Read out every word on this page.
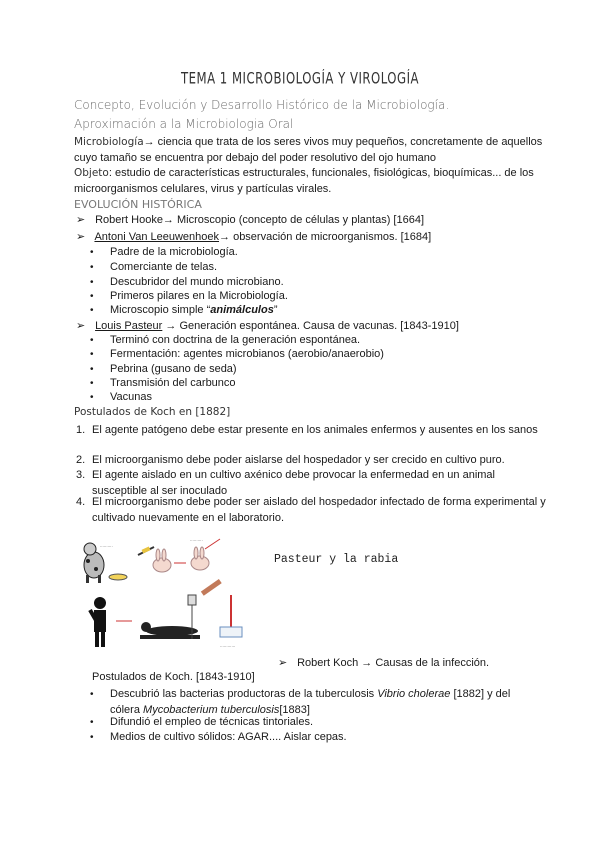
TEMA 1 MICROBIOLOGÍA Y VIROLOGÍA
Concepto, Evolución y Desarrollo Histórico de la Microbiología.
Aproximación a la Microbiologia Oral
Microbiología→ ciencia que trata de los seres vivos muy pequeños, concretamente de aquellos cuyo tamaño se encuentra por debajo del poder resolutivo del ojo humano
Objeto: estudio de características estructurales, funcionales, fisiológicas, bioquímicas... de los microorganismos celulares, virus y partículas virales.
EVOLUCIÓN HISTÓRICA
➢ Robert Hooke→ Microscopio (concepto de células y plantas) [1664]
➢ Antoni Van Leeuwenhoek→ observación de microorganismos. [1684]
• Padre de la microbiología.
• Comerciante de telas.
• Descubridor del mundo microbiano.
• Primeros pilares en la Microbiología.
• Microscopio simple “animálculos”
➢ Louis Pasteur → Generación espontánea. Causa de vacunas. [1843-1910]
• Terminó con doctrina de la generación espontánea.
• Fermentación: agentes microbianos (aerobio/anaerobio)
• Pebrina (gusano de seda)
• Transmisión del carbunco
• Vacunas
Postulados de Koch en [1882]
1. El agente patógeno debe estar presente en los animales enfermos y ausentes en los sanos
2. El microorganismo debe poder aislarse del hospedador y ser crecido en cultivo puro.
3. El agente aislado en un cultivo axénico debe provocar la enfermedad en un animal susceptible al ser inoculado
4. El microorganismo debe poder ser aislado del hospedador infectado de forma experimental y cultivado nuevamente en el laboratorio.
..........
..........
............
Pasteur y la rabia
➢ Robert Koch → Causas de la infección.
Postulados de Koch. [1843-1910]
• Descubrió las bacterias productoras de la tuberculosis Vibrio cholerae [1882] y del cólera Mycobacterium tuberculosis[1883]
• Difundió el empleo de técnicas tintoriales.
• Medios de cultivo sólidos: AGAR.... Aislar cepas.
